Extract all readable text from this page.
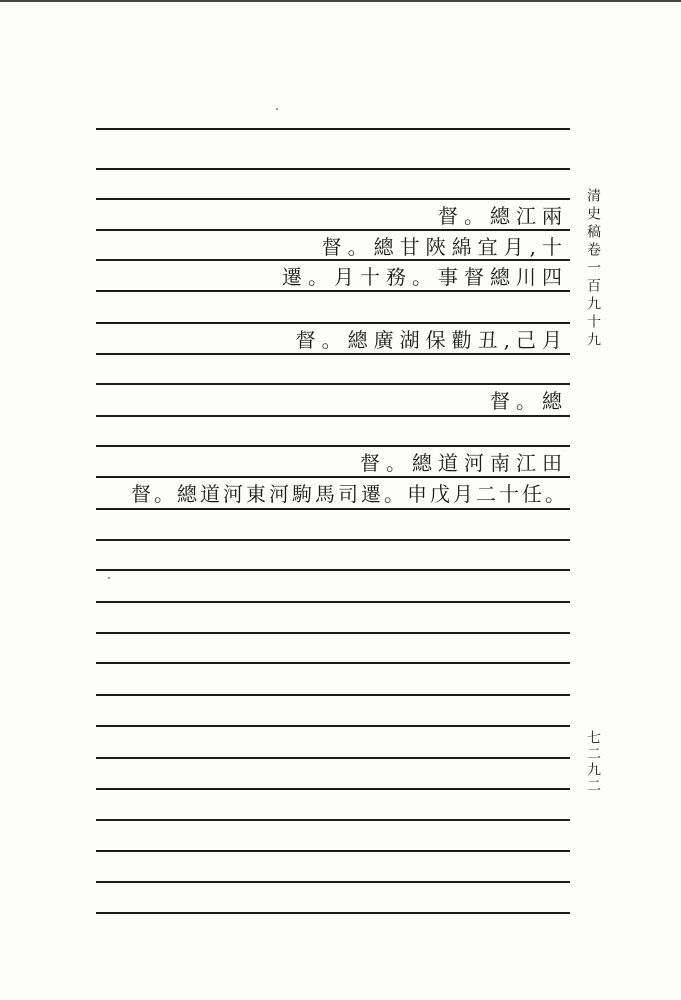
清史稿卷一百九十九
七二九二
督。總江兩
督。總甘陜綿宜月,十
遷。月十務。事督總川四
督。總廣湖保勸丑,己月
督。總
督。總道河南江田
督。總道河東河駒馬司遷。申戊月二十任。
